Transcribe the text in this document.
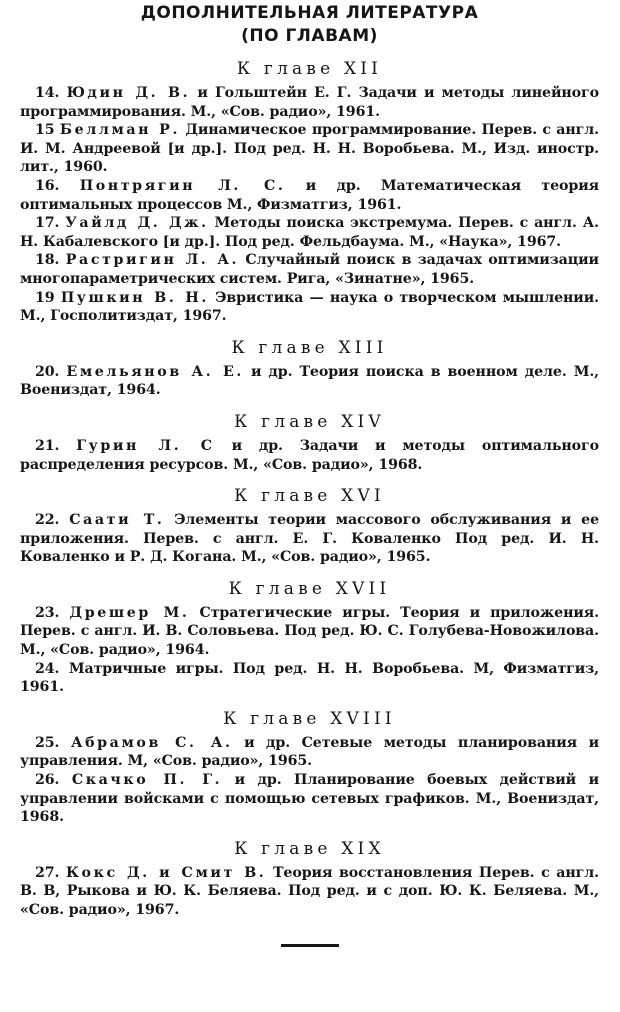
ДОПОЛНИТЕЛЬНАЯ ЛИТЕРАТУРА
(ПО ГЛАВАМ)
К главе XII

14. Юдин Д. В. и Гольштейн Е. Г. Задачи и методы линейного программирования. М., «Сов. радио», 1961.

15 Беллман Р. Динамическое программирование. Перев. с англ. И. М. Андреевой [и др.]. Под ред. Н. Н. Воробьева. М., Изд. иностр. лит., 1960.

16. Понтрягин Л. С. и др. Математическая теория оптимальных процессов М., Физматгиз, 1961.

17. Уайлд Д. Дж. Методы поиска экстремума. Перев. с англ. А. Н. Кабалевского [и др.]. Под ред. Фельдбаума. М., «Наука», 1967.

18. Растригин Л. А. Случайный поиск в задачах оптимизации многопараметрических систем. Рига, «Зинатне», 1965.

19 Пушкин В. Н. Эвристика — наука о творческом мышлении. М., Госполитиздат, 1967.

К главе XIII

20. Емельянов А. Е. и др. Теория поиска в военном деле. М., Воениздат, 1964.

К главе XIV

21. Гурин Л. С и др. Задачи и методы оптимального распределения ресурсов. М., «Сов. радио», 1968.

К главе XVI

22. Саати Т. Элементы теории массового обслуживания и ее приложения. Перев. с англ. Е. Г. Коваленко Под ред. И. Н. Коваленко и Р. Д. Когана. М., «Сов. радио», 1965.

К главе XVII

23. Дрешер М. Стратегические игры. Теория и приложения. Перев. с англ. И. В. Соловьева. Под ред. Ю. С. Голубева-Новожилова. М., «Сов. радио», 1964.

24. Матричные игры. Под ред. Н. Н. Воробьева. М, Физматгиз, 1961.

К главе XVIII

25. Абрамов С. А. и др. Сетевые методы планирования и управления. М, «Сов. радио», 1965.

26. Скачко П. Г. и др. Планирование боевых действий и управлении войсками с помощью сетевых графиков. М., Воениздат, 1968.

К главе XIX

27. Кокс Д. и Смит В. Теория восстановления Перев. с англ. В. В, Рыкова и Ю. К. Беляева. Под ред. и с доп. Ю. К. Беляева. М., «Сов. радио», 1967.
